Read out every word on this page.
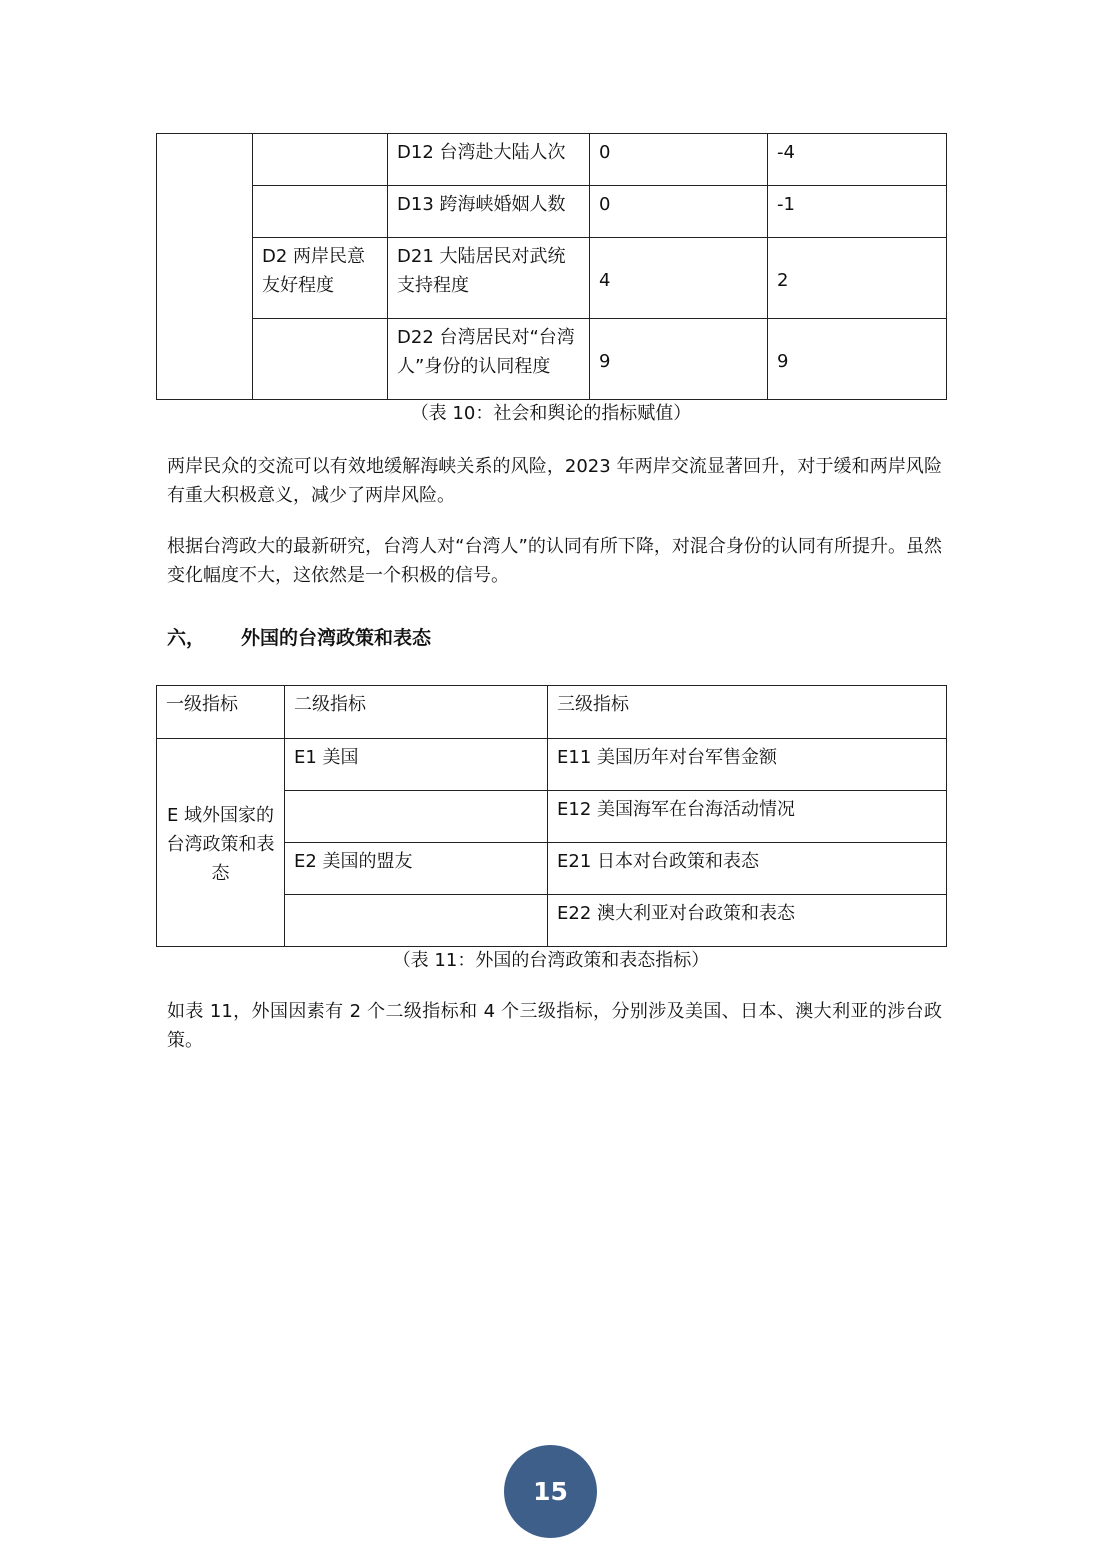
		D12 台湾赴大陆人次	0	-4
		D13 跨海峡婚姻人数	0	-1
	D2 两岸民意友好程度	D21 大陆居民对武统支持程度	4	2
		D22 台湾居民对“台湾人”身份的认同程度	9	9
（表 10：社会和舆论的指标赋值）

两岸民众的交流可以有效地缓解海峡关系的风险，2023 年两岸交流显著回升，对于缓和两岸风险有重大积极意义，减少了两岸风险。

根据台湾政大的最新研究，台湾人对“台湾人”的认同有所下降，对混合身份的认同有所提升。虽然变化幅度不大，这依然是一个积极的信号。

六， 外国的台湾政策和表态
一级指标	二级指标	三级指标
E 域外国家的台湾政策和表态	E1 美国	E11 美国历年对台军售金额
		E12 美国海军在台海活动情况
	E2 美国的盟友	E21 日本对台政策和表态
		E22 澳大利亚对台政策和表态
（表 11：外国的台湾政策和表态指标）

如表 11，外国因素有 2 个二级指标和 4 个三级指标，分别涉及美国、日本、澳大利亚的涉台政策。

15
